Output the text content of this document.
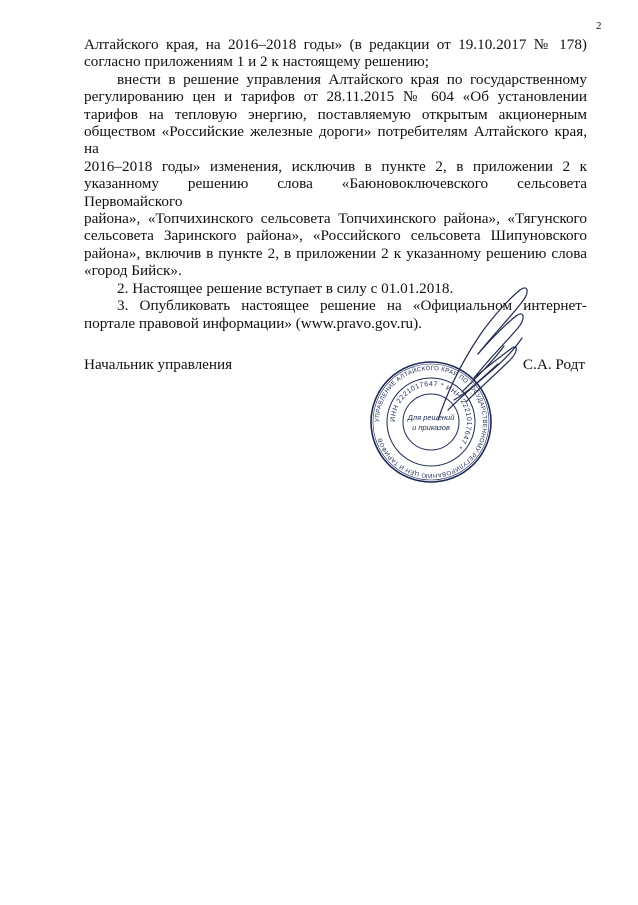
2

Алтайского края, на 2016–2018 годы» (в редакции от 19.10.2017 № 178)

согласно приложениям 1 и 2 к настоящему решению;

внести в решение управления Алтайского края по государственному

регулированию цен и тарифов от 28.11.2015 № 604 «Об установлении

тарифов на тепловую энергию, поставляемую открытым акционерным

обществом «Российские железные дороги» потребителям Алтайского края, на

2016–2018 годы» изменения, исключив в пункте 2, в приложении 2 к

указанному решению слова «Баюновоключевского сельсовета Первомайского

района», «Топчихинского сельсовета Топчихинского района», «Тягунского

сельсовета Заринского района», «Российского сельсовета Шипуновского

района», включив в пункте 2, в приложении 2 к указанному решению слова

«город Бийск».

2. Настоящее решение вступает в силу с 01.01.2018.

3. Опубликовать настоящее решение на «Официальном интернет-

портале правовой информации» (www.pravo.gov.ru).

Начальник управления	С.А. Родт
УПРАВЛЕНИЕ АЛТАЙСКОГО КРАЯ ПО ГОСУДАРСТВЕННОМУ РЕГУЛИРОВАНИЮ ЦЕН И ТАРИФОВ
ИНН 2221017647 * ИНН 2221017647 *
Для решений
и приказов
